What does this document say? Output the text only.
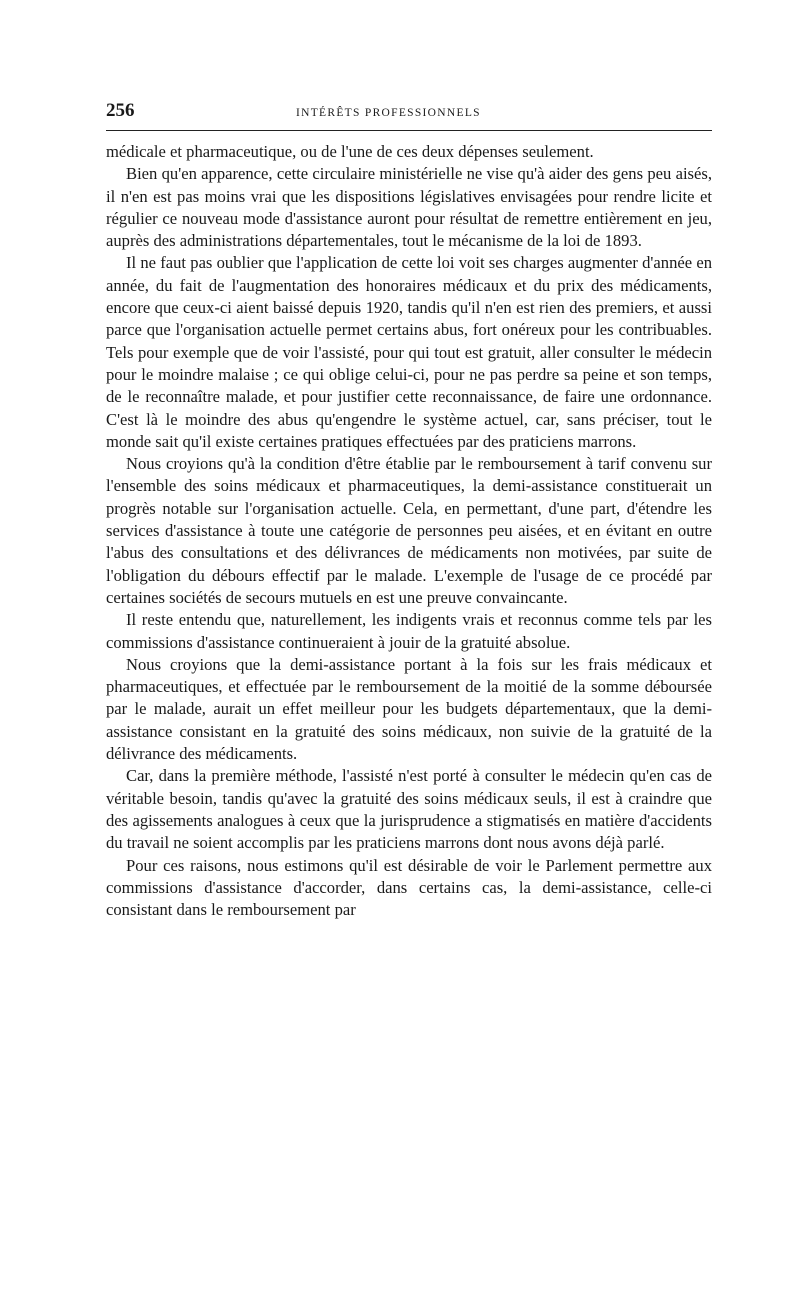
256	INTÉRÊTS PROFESSIONNELS

médicale et pharmaceutique, ou de l'une de ces deux dépenses seulement.

Bien qu'en apparence, cette circulaire ministérielle ne vise qu'à aider des gens peu aisés, il n'en est pas moins vrai que les dispositions législatives envisagées pour rendre licite et régulier ce nouveau mode d'assistance auront pour résultat de remettre entièrement en jeu, auprès des administrations départementales, tout le mécanisme de la loi de 1893.

Il ne faut pas oublier que l'application de cette loi voit ses charges augmenter d'année en année, du fait de l'augmentation des honoraires médicaux et du prix des médicaments, encore que ceux-ci aient baissé depuis 1920, tandis qu'il n'en est rien des premiers, et aussi parce que l'organisation actuelle permet certains abus, fort onéreux pour les contribuables. Tels pour exemple que de voir l'assisté, pour qui tout est gratuit, aller consulter le médecin pour le moindre malaise ; ce qui oblige celui-ci, pour ne pas perdre sa peine et son temps, de le reconnaître malade, et pour justifier cette reconnaissance, de faire une ordonnance. C'est là le moindre des abus qu'engendre le système actuel, car, sans préciser, tout le monde sait qu'il existe certaines pratiques effectuées par des praticiens marrons.

Nous croyions qu'à la condition d'être établie par le remboursement à tarif convenu sur l'ensemble des soins médicaux et pharmaceutiques, la demi-assistance constituerait un progrès notable sur l'organisation actuelle. Cela, en permettant, d'une part, d'étendre les services d'assistance à toute une catégorie de personnes peu aisées, et en évitant en outre l'abus des consultations et des délivrances de médicaments non motivées, par suite de l'obligation du débours effectif par le malade. L'exemple de l'usage de ce procédé par certaines sociétés de secours mutuels en est une preuve convaincante.

Il reste entendu que, naturellement, les indigents vrais et reconnus comme tels par les commissions d'assistance continueraient à jouir de la gratuité absolue.

Nous croyions que la demi-assistance portant à la fois sur les frais médicaux et pharmaceutiques, et effectuée par le remboursement de la moitié de la somme déboursée par le malade, aurait un effet meilleur pour les budgets départementaux, que la demi-assistance consistant en la gratuité des soins médicaux, non suivie de la gratuité de la délivrance des médicaments.

Car, dans la première méthode, l'assisté n'est porté à consulter le médecin qu'en cas de véritable besoin, tandis qu'avec la gratuité des soins médicaux seuls, il est à craindre que des agissements analogues à ceux que la jurisprudence a stigmatisés en matière d'accidents du travail ne soient accomplis par les praticiens marrons dont nous avons déjà parlé.

Pour ces raisons, nous estimons qu'il est désirable de voir le Parlement permettre aux commissions d'assistance d'accorder, dans certains cas, la demi-assistance, celle-ci consistant dans le remboursement par
